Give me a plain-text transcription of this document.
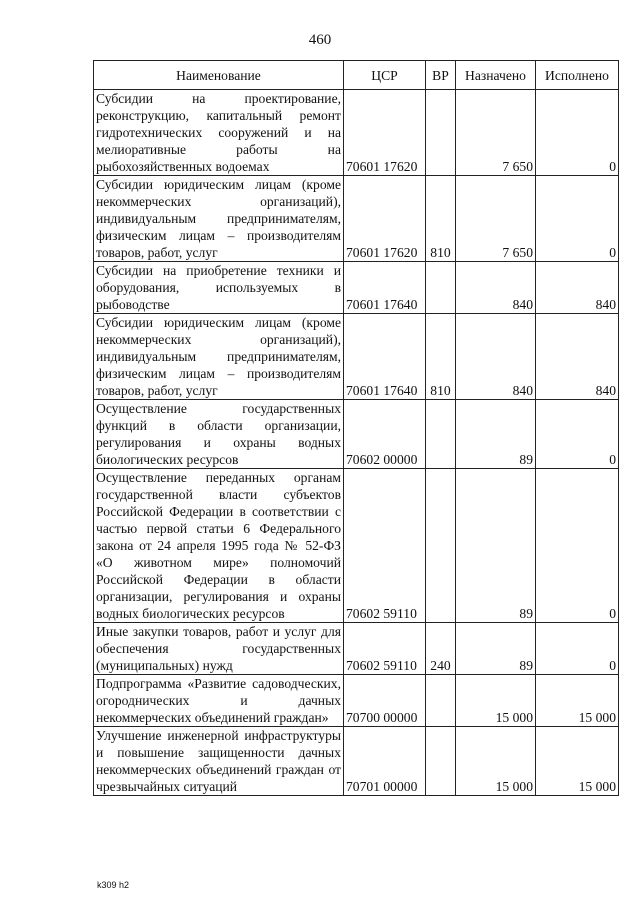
460
Наименование	ЦСР	ВР	Назначено	Исполнено
Субсидии на проектирование, реконструкцию, капитальный ремонт гидротехнических сооружений и на мелиоративные работы на рыбохозяйственных водоемах	70601 17620		7 650	0
Субсидии юридическим лицам (кроме некоммерческих организаций), индивидуальным предпринимателям, физическим лицам – производителям товаров, работ, услуг	70601 17620	810	7 650	0
Субсидии на приобретение техники и оборудования, используемых в рыбоводстве	70601 17640		840	840
Субсидии юридическим лицам (кроме некоммерческих организаций), индивидуальным предпринимателям, физическим лицам – производителям товаров, работ, услуг	70601 17640	810	840	840
Осуществление государственных функций в области организации, регулирования и охраны водных биологических ресурсов	70602 00000		89	0
Осуществление переданных органам государственной власти субъектов Российской Федерации в соответствии с частью первой статьи 6 Федерального закона от 24 апреля 1995 года № 52-ФЗ «О животном мире» полномочий Российской Федерации в области организации, регулирования и охраны водных биологических ресурсов	70602 59110		89	0
Иные закупки товаров, работ и услуг для обеспечения государственных (муниципальных) нужд	70602 59110	240	89	0
Подпрограмма «Развитие садоводческих, огороднических и дачных некоммерческих объединений граждан»	70700 00000		15 000	15 000
Улучшение инженерной инфраструктуры и повышение защищенности дачных некоммерческих объединений граждан от чрезвычайных ситуаций	70701 00000		15 000	15 000
k309 h2
